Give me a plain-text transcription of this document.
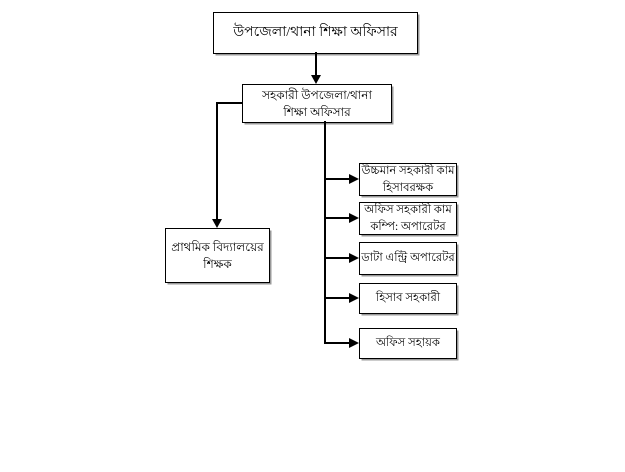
উপজেলা/থানা শিক্ষা অফিসার
সহকারী উপজেলা/থানা
শিক্ষা অফিসার
প্রাথমিক বিদ্যালয়ের
শিক্ষক
উচ্চমান সহকারী কাম
হিসাবরক্ষক
অফিস সহকারী কাম
কম্পি: অপারেটর
ডাটা এন্ট্রি অপারেটর
হিসাব সহকারী
অফিস সহায়ক
